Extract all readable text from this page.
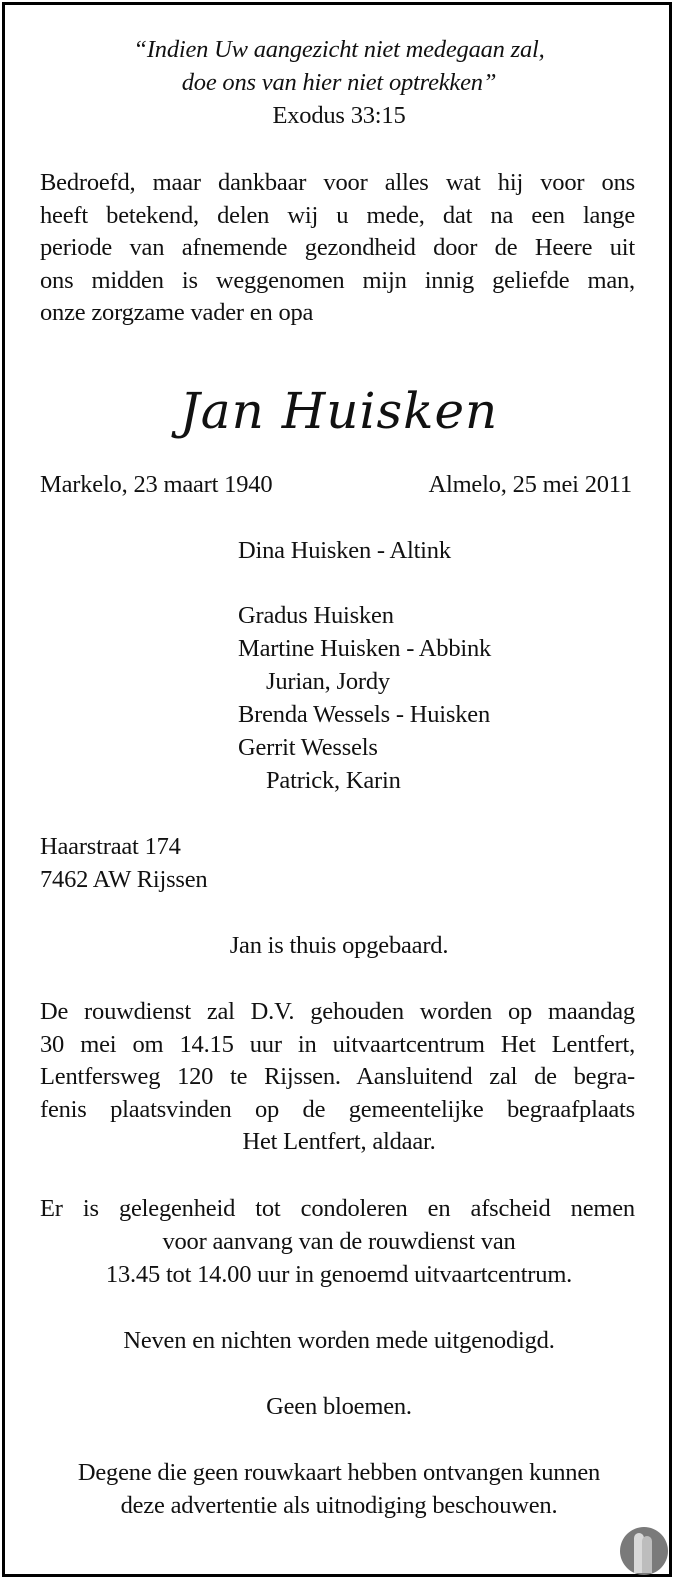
“Indien Uw aangezicht niet medegaan zal,
doe ons van hier niet optrekken”
Exodus 33:15
Bedroefd, maar dankbaar voor alles wat hij voor ons
heeft betekend, delen wij u mede, dat na een lange
periode van afnemende gezondheid door de Heere uit
ons midden is weggenomen mijn innig geliefde man,
onze zorgzame vader en opa
Jan Huisken
Markelo, 23 maart 1940	Almelo, 25 mei 2011
Dina Huisken - Altink
Gradus Huisken
Martine Huisken - Abbink
Jurian, Jordy
Brenda Wessels - Huisken
Gerrit Wessels
Patrick, Karin
Haarstraat 174
7462 AW Rijssen
Jan is thuis opgebaard.
De rouwdienst zal D.V. gehouden worden op maandag
30 mei om 14.15 uur in uitvaartcentrum Het Lentfert,
Lentfersweg 120 te Rijssen. Aansluitend zal de begra-
fenis plaatsvinden op de gemeentelijke begraafplaats
Het Lentfert, aldaar.
Er is gelegenheid tot condoleren en afscheid nemen
voor aanvang van de rouwdienst van
13.45 tot 14.00 uur in genoemd uitvaartcentrum.
Neven en nichten worden mede uitgenodigd.
Geen bloemen.
Degene die geen rouwkaart hebben ontvangen kunnen
deze advertentie als uitnodiging beschouwen.
